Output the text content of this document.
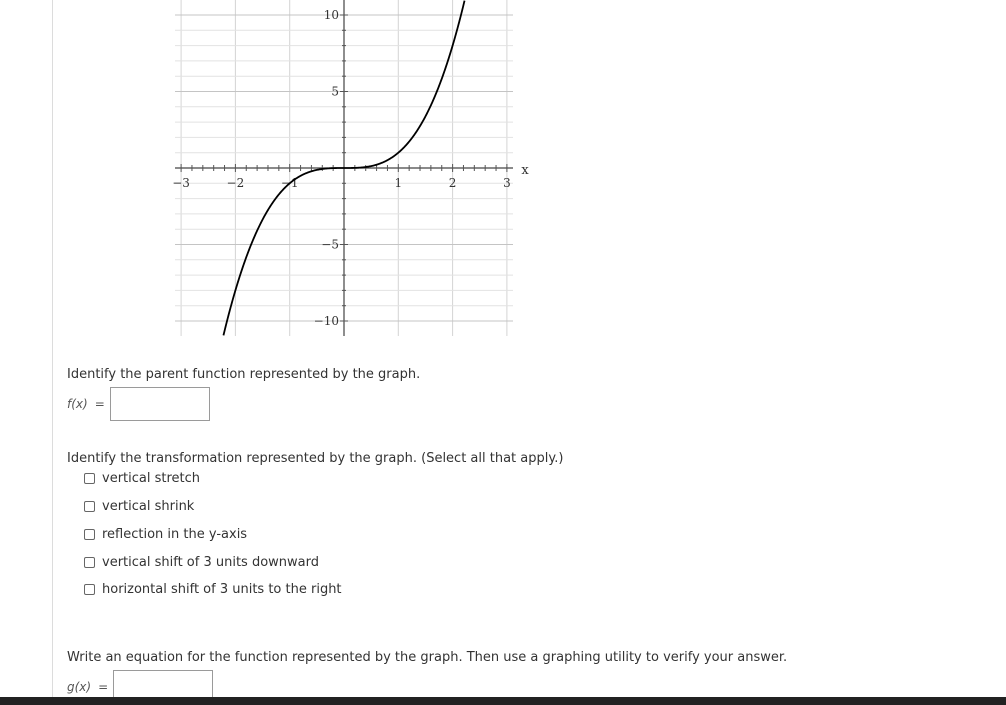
−3	−2	−1	1	2	3
10
5
−5
−10
x
Identify the parent function represented by the graph.
f(x) =
Identify the transformation represented by the graph. (Select all that apply.)
vertical stretch
vertical shrink
reflection in the y-axis
vertical shift of 3 units downward
horizontal shift of 3 units to the right
Write an equation for the function represented by the graph. Then use a graphing utility to verify your answer.
g(x) =
